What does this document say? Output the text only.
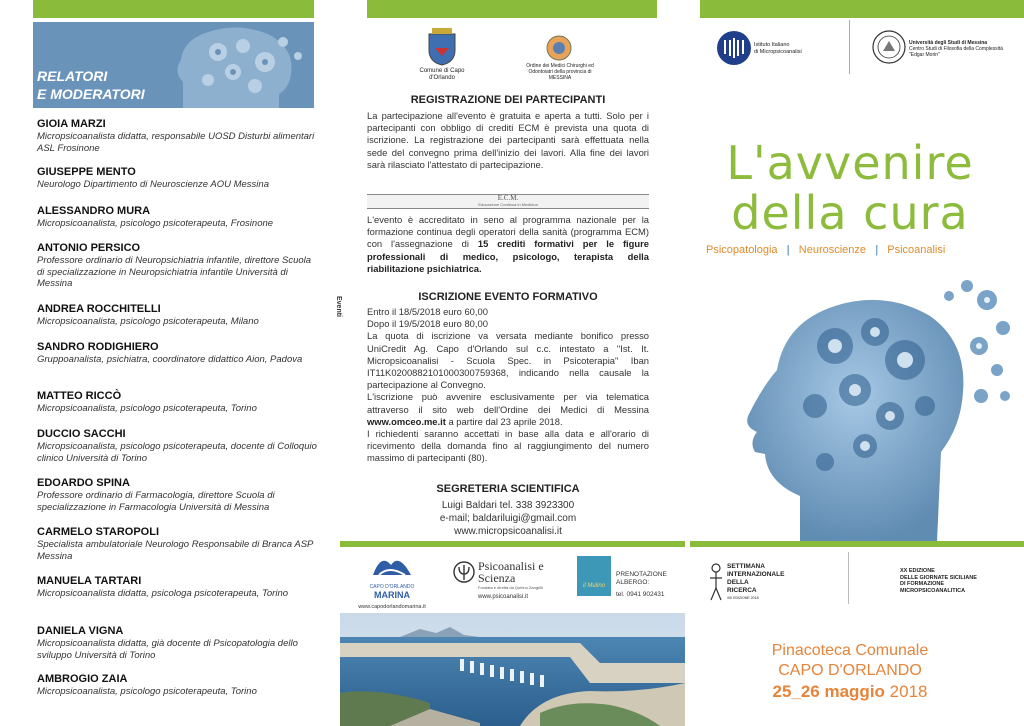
RELATORI
E MODERATORI
GIOIA MARZI
Micropsicoanalista didatta, responsabile UOSD Disturbi alimentari ASL Frosinone
GIUSEPPE MENTO
Neurologo Dipartimento di Neuroscienze AOU Messina
ALESSANDRO MURA
Micropsicoanalista, psicologo psicoterapeuta, Frosinone
ANTONIO PERSICO
Professore ordinario di Neuropsichiatria infantile, direttore Scuola di specializzazione in Neuropsichiatria infantile Università di Messina
ANDREA ROCCHITELLI
Micropsicoanalista, psicologo psicoterapeuta, Milano
SANDRO RODIGHIERO
Gruppoanalista, psichiatra, coordinatore didattico Aion, Padova
MATTEO RICCÒ
Micropsicoanalista, psicologo psicoterapeuta, Torino
DUCCIO SACCHI
Micropsicoanalista, psicologo psicoterapeuta, docente di Colloquio clinico Università di Torino
EDOARDO SPINA
Professore ordinario di Farmacologia, direttore Scuola di specializzazione in Farmacologia Università di Messina
CARMELO STAROPOLI
Specialista ambulatoriale Neurologo Responsabile di Branca ASP Messina
MANUELA TARTARI
Micropsicoanalista didatta, psicologa psicoterapeuta, Torino
DANIELA VIGNA
Micropsicoanalista didatta, già docente di Psicopatologia dello sviluppo Università di Torino
AMBROGIO ZAIA
Micropsicoanalista, psicologo psicoterapeuta, Torino
Comune di Capo d'Orlando
Ordine dei Medici Chirurghi ed Odontoiatri della provincia di MESSINA
REGISTRAZIONE DEI PARTECIPANTI
La partecipazione all'evento è gratuita e aperta a tutti. Solo per i partecipanti con obbligo di crediti ECM è prevista una quota di iscrizione. La registrazione dei partecipanti sarà effettuata nella sede del convegno prima dell'inizio dei lavori. Alla fine dei lavori sarà rilasciato l'attestato di partecipazione.
E.C.M.
Educazione Continua in Medicina
L'evento è accreditato in seno al programma nazionale per la formazione continua degli operatori della sanità (programma ECM) con l'assegnazione di 15 crediti formativi per le figure professionali di medico, psicologo, terapista della riabilitazione psichiatrica.
ISCRIZIONE EVENTO FORMATIVO
Eventi	Entro il 18/5/2018 euro 60,00
Dopo il 19/5/2018 euro 80,00
La quota di iscrizione va versata mediante bonifico presso UniCredit Ag. Capo d'Orlando sul c.c. intestato a "Ist. It. Micropsicoanalisi - Scuola Spec. in Psicoterapia" Iban IT11K0200882101000300759368, indicando nella causale la partecipazione al Convegno.
L'iscrizione può avvenire esclusivamente per via telematica attraverso il sito web dell'Ordine dei Medici di Messina www.omceo.me.it a partire dal 23 aprile 2018.
I richiedenti saranno accettati in base alla data e all'orario di ricevimento della domanda fino al raggiungimento del numero massimo di partecipanti (80).
SEGRETERIA SCIENTIFICA
Luigi Baldari tel. 338 3923300
e-mail; baldariluigi@gmail.com
www.micropsicoanalisi.it
CAPO D'ORLANDO
MARINA
www.capodorlandomarina.it
Psicoanalisi e Scienza
Fondata e diretta da Quirino Zangrilli
www.psicoanalisi.it
il Mulino
PRENOTAZIONE
ALBERGO:
tel. 0941 902431
Istituto Italiano
di Micropsicoanalisi
Università degli Studi di Messina
Centro Studi di Filosofia della Complessità
"Edgar Morin"
L'avvenire
della cura
Psicopatologia | Neuroscienze | Psicoanalisi
SETTIMANA
INTERNAZIONALE
DELLA
RICERCA
XIII EDIZIONE 2018
XX EDIZIONE
DELLE GIORNATE SICILIANE
DI FORMAZIONE
MICROPSICOANALITICA
Pinacoteca Comunale
CAPO D'ORLANDO
25_26 maggio 2018
